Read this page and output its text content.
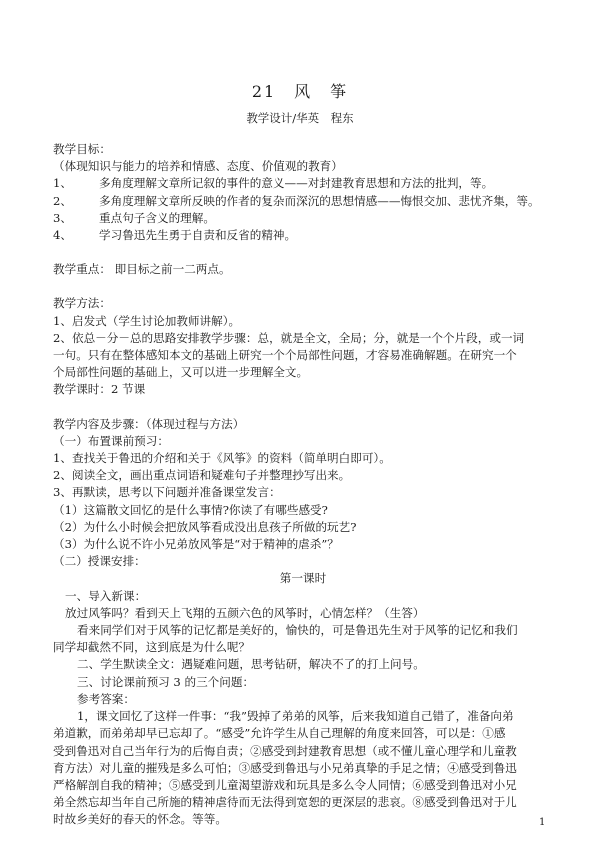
21　风　筝
教学设计/华英　程东

教学目标：

（体现知识与能力的培养和情感、态度、价值观的教育）

1、 多角度理解文章所记叙的事件的意义——对封建教育思想和方法的批判，等。

2、 多角度理解文章所反映的作者的复杂而深沉的思想情感——悔恨交加、悲忧齐集，等。

3、 重点句子含义的理解。

4、 学习鲁迅先生勇于自责和反省的精神。

教学重点： 即目标之前一二两点。

教学方法：

1、启发式（学生讨论加教师讲解）。

2、依总－分－总的思路安排教学步骤：总，就是全文，全局；分，就是一个个片段，或一词

一句。只有在整体感知本文的基础上研究一个个局部性问题，才容易准确解题。在研究一个

个局部性问题的基础上，又可以进一步理解全文。

教学课时：2 节课

教学内容及步骤：（体现过程与方法）

（一）布置课前预习：

1、查找关于鲁迅的介绍和关于《风筝》的资料（简单明白即可）。

2、阅读全文，画出重点词语和疑难句子并整理抄写出来。

3、再默读，思考以下问题并准备课堂发言：

（1）这篇散文回忆的是什么事情?你读了有哪些感受?

（2）为什么小时候会把放风筝看成没出息孩子所做的玩艺?

（3）为什么说不许小兄弟放风筝是“对于精神的虐杀”？

（二）授课安排：

第一课时

一、导入新课：

放过风筝吗？看到天上飞翔的五颜六色的风筝时，心情怎样？（生答）

看来同学们对于风筝的记忆都是美好的，愉快的，可是鲁迅先生对于风筝的记忆和我们

同学却截然不同，这到底是为什么呢？

二、学生默读全文：遇疑难问题，思考钻研，解决不了的打上问号。

三、讨论课前预习 3 的三个问题：

参考答案：

1，课文回忆了这样一件事：“我”毁掉了弟弟的风筝，后来我知道自己错了，准备向弟

弟道歉，而弟弟却早已忘却了。“感受”允许学生从自己理解的角度来回答，可以是：①感

受到鲁迅对自己当年行为的后悔自责；②感受到封建教育思想（或不懂儿童心理学和儿童教

育方法）对儿童的摧残是多么可怕；③感受到鲁迅与小兄弟真挚的手足之情；④感受到鲁迅

严格解剖自我的精神；⑤感受到儿童渴望游戏和玩具是多么令人同情；⑥感受到鲁迅对小兄

弟全然忘却当年自己所施的精神虐待而无法得到宽恕的更深层的悲哀。⑧感受到鲁迅对于儿

时故乡美好的春天的怀念。等等。	1
